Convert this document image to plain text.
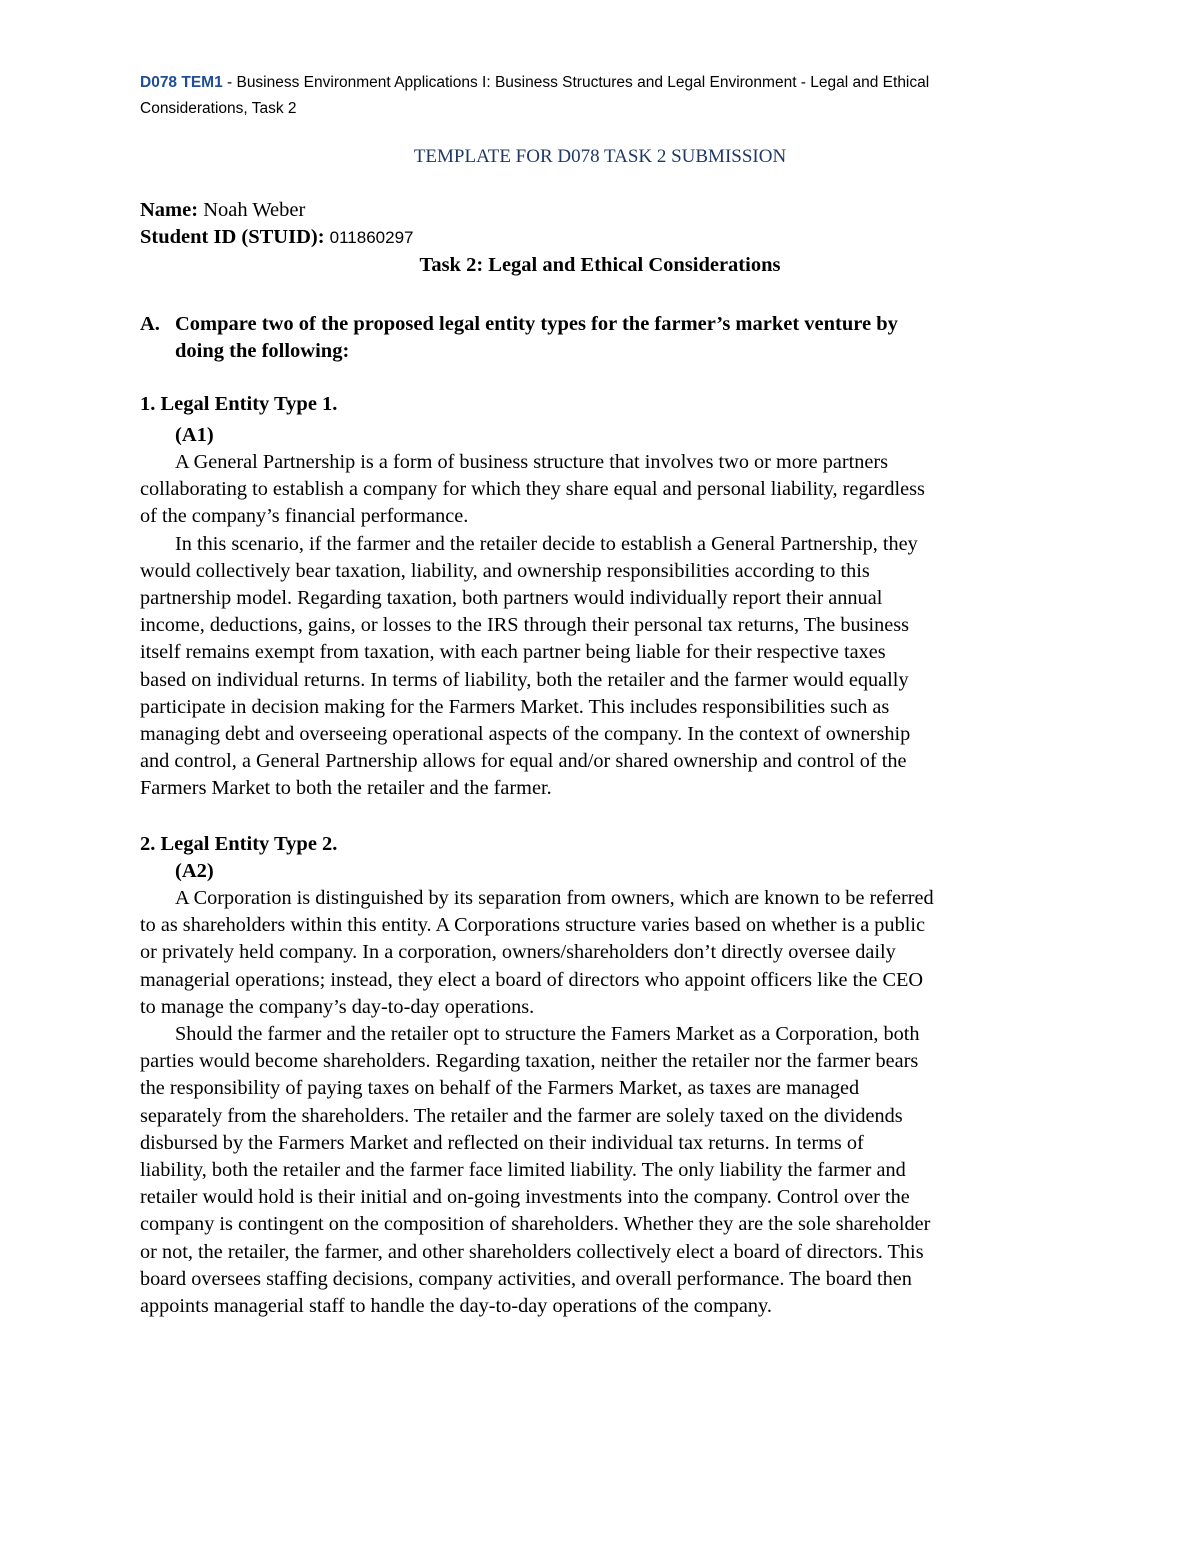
D078 TEM1 - Business Environment Applications I: Business Structures and Legal Environment - Legal and Ethical
Considerations, Task 2
TEMPLATE FOR D078 TASK 2 SUBMISSION
Name: Noah Weber
Student ID (STUID): 011860297
Task 2: Legal and Ethical Considerations
A. Compare two of the proposed legal entity types for the farmer’s market venture by
doing the following:
1. Legal Entity Type 1.
(A1)
A General Partnership is a form of business structure that involves two or more partners
collaborating to establish a company for which they share equal and personal liability, regardless
of the company’s financial performance.
In this scenario, if the farmer and the retailer decide to establish a General Partnership, they
would collectively bear taxation, liability, and ownership responsibilities according to this
partnership model. Regarding taxation, both partners would individually report their annual
income, deductions, gains, or losses to the IRS through their personal tax returns, The business
itself remains exempt from taxation, with each partner being liable for their respective taxes
based on individual returns. In terms of liability, both the retailer and the farmer would equally
participate in decision making for the Farmers Market. This includes responsibilities such as
managing debt and overseeing operational aspects of the company. In the context of ownership
and control, a General Partnership allows for equal and/or shared ownership and control of the
Farmers Market to both the retailer and the farmer.
2. Legal Entity Type 2.
(A2)
A Corporation is distinguished by its separation from owners, which are known to be referred
to as shareholders within this entity. A Corporations structure varies based on whether is a public
or privately held company. In a corporation, owners/shareholders don’t directly oversee daily
managerial operations; instead, they elect a board of directors who appoint officers like the CEO
to manage the company’s day-to-day operations.
Should the farmer and the retailer opt to structure the Famers Market as a Corporation, both
parties would become shareholders. Regarding taxation, neither the retailer nor the farmer bears
the responsibility of paying taxes on behalf of the Farmers Market, as taxes are managed
separately from the shareholders. The retailer and the farmer are solely taxed on the dividends
disbursed by the Farmers Market and reflected on their individual tax returns. In terms of
liability, both the retailer and the farmer face limited liability. The only liability the farmer and
retailer would hold is their initial and on-going investments into the company. Control over the
company is contingent on the composition of shareholders. Whether they are the sole shareholder
or not, the retailer, the farmer, and other shareholders collectively elect a board of directors. This
board oversees staffing decisions, company activities, and overall performance. The board then
appoints managerial staff to handle the day-to-day operations of the company.
